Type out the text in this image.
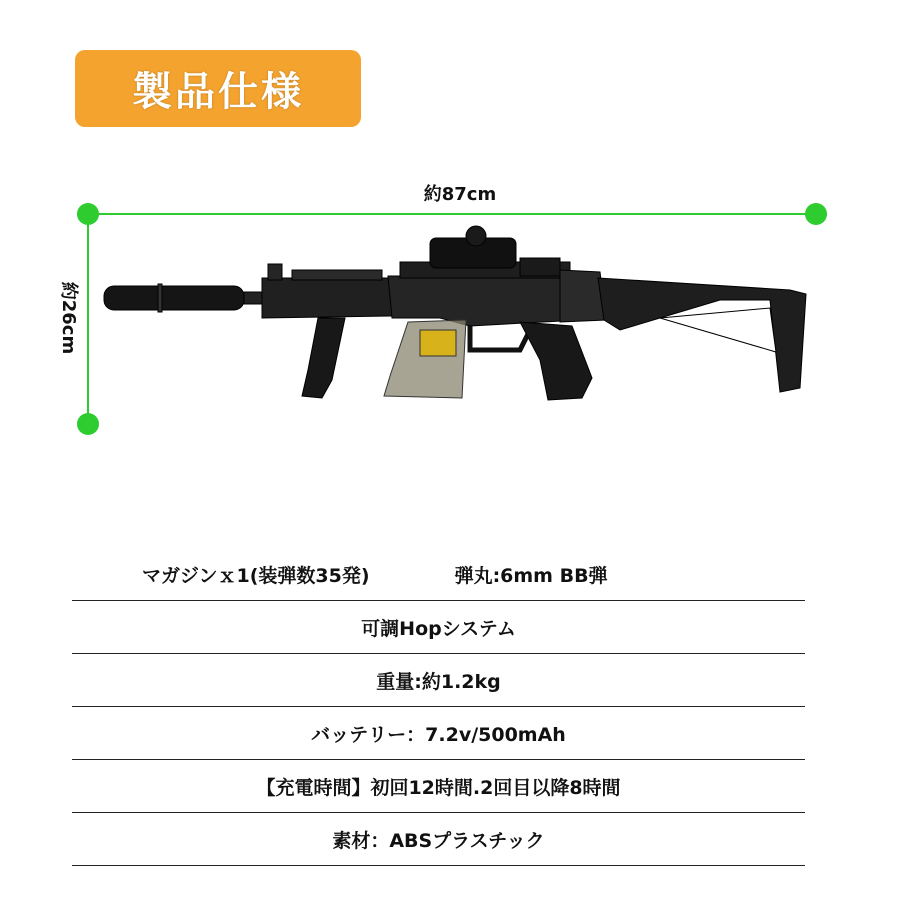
製品仕様
約87cm
約26cm
マガジンｘ1(装弾数35発)	弾丸:6mm BB弾
可調Hopシステム
重量:約1.2kg
バッテリー：7.2v/500mAh
【充電時間】初回12時間.2回目以降8時間
素材：ABSプラスチック
